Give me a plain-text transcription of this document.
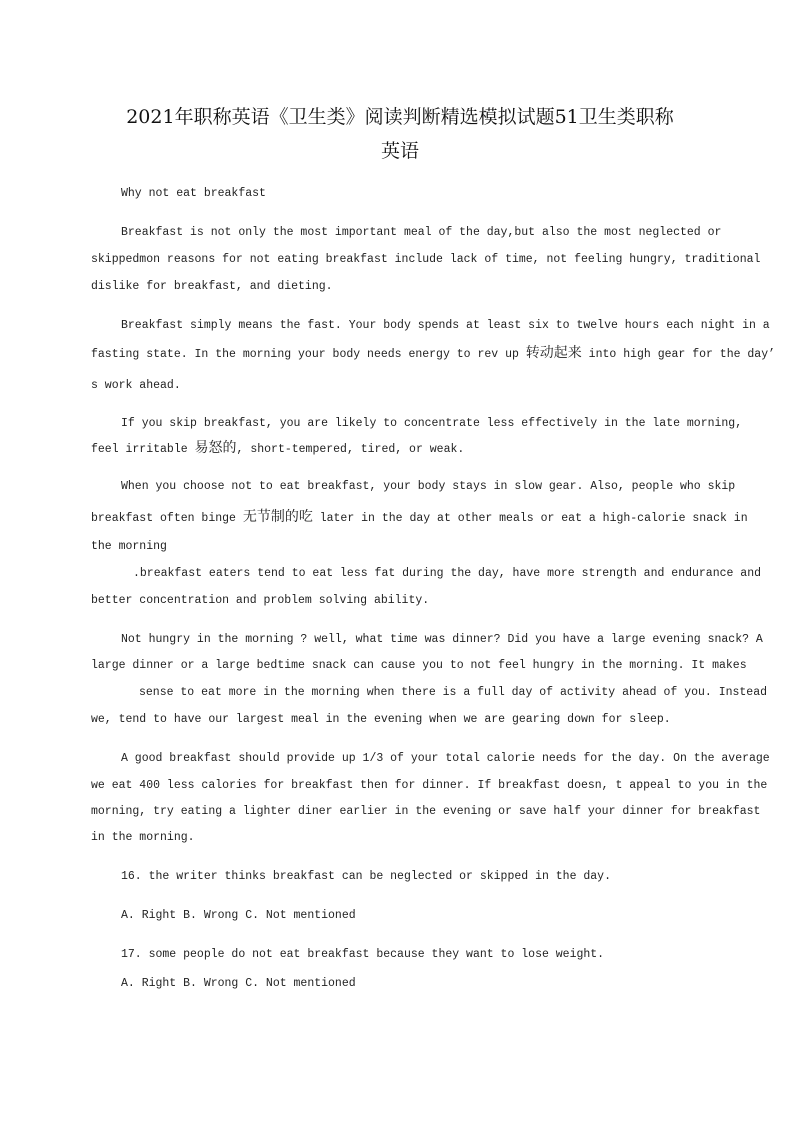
2021年职称英语《卫生类》阅读判断精选模拟试题51卫生类职称
英语
Why not eat breakfast
Breakfast is not only the most important meal of the day,but also the most neglected or
skippedmon reasons for not eating breakfast include lack of time, not feeling hungry, traditional
dislike for breakfast, and dieting.
Breakfast simply means the fast. Your body spends at least six to twelve hours each night in a
fasting state. In the morning your body needs energy to rev up 转动起来 into high gear for the day’
s work ahead.
If you skip breakfast, you are likely to concentrate less effectively in the late morning,
feel irritable 易怒的, short-tempered, tired, or weak.
When you choose not to eat breakfast, your body stays in slow gear. Also, people who skip
breakfast often binge 无节制的吃 later in the day at other meals or eat a high-calorie snack in
the morning
.breakfast eaters tend to eat less fat during the day, have more strength and endurance and
better concentration and problem solving ability.
Not hungry in the morning ? well, what time was dinner? Did you have a large evening snack? A
large dinner or a large bedtime snack can cause you to not feel hungry in the morning. It makes
sense to eat more in the morning when there is a full day of activity ahead of you. Instead
we, tend to have our largest meal in the evening when we are gearing down for sleep.
A good breakfast should provide up 1/3 of your total calorie needs for the day. On the average
we eat 400 less calories for breakfast then for dinner. If breakfast doesn, t appeal to you in the
morning, try eating a lighter diner earlier in the evening or save half your dinner for breakfast
in the morning.
16. the writer thinks breakfast can be neglected or skipped in the day.
A. Right B. Wrong C. Not mentioned
17. some people do not eat breakfast because they want to lose weight.
A. Right B. Wrong C. Not mentioned
